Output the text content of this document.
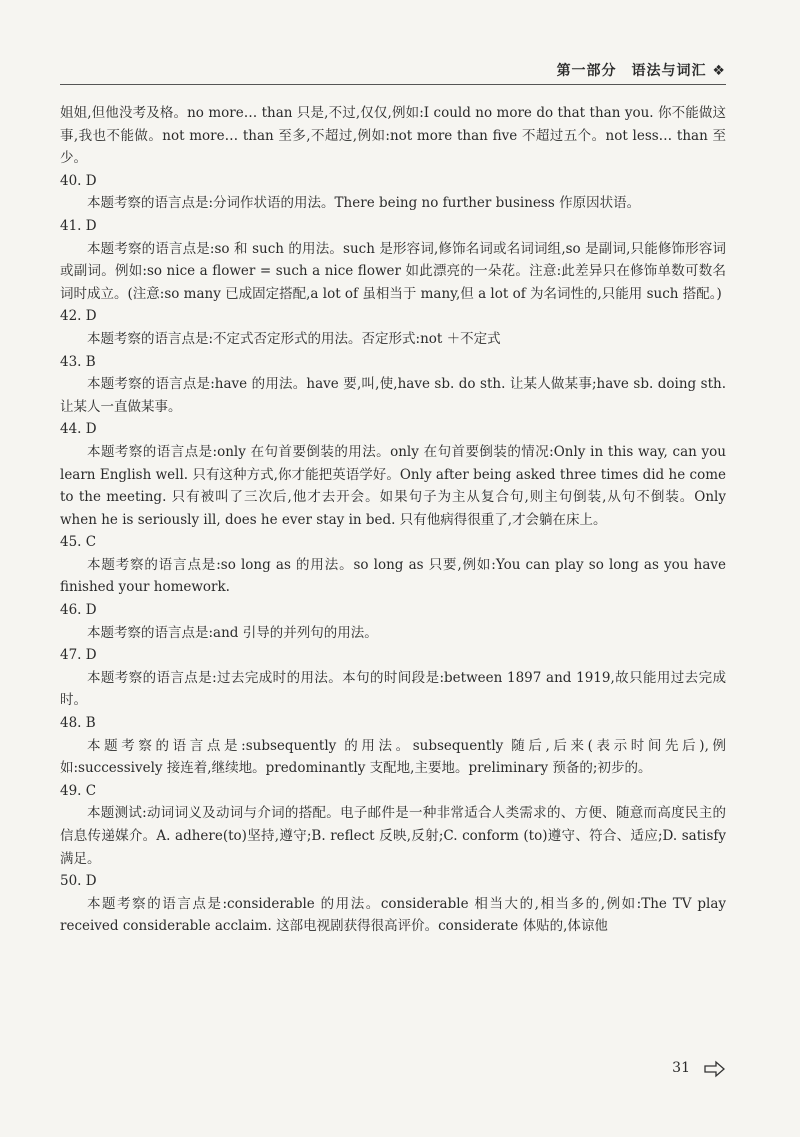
第一部分　语法与词汇 ❖

姐姐,但他没考及格。no more… than 只是,不过,仅仅,例如:I could no more do that than you. 你不能做这事,我也不能做。not more… than 至多,不超过,例如:not more than five 不超过五个。not less… than 至少。

40. D

本题考察的语言点是:分词作状语的用法。There being no further business 作原因状语。

41. D

本题考察的语言点是:so 和 such 的用法。such 是形容词,修饰名词或名词词组,so 是副词,只能修饰形容词或副词。例如:so nice a flower = such a nice flower 如此漂亮的一朵花。注意:此差异只在修饰单数可数名词时成立。(注意:so many 已成固定搭配,a lot of 虽相当于 many,但 a lot of 为名词性的,只能用 such 搭配。)

42. D

本题考察的语言点是:不定式否定形式的用法。否定形式:not ＋不定式

43. B

本题考察的语言点是:have 的用法。have 要,叫,使,have sb. do sth. 让某人做某事;have sb. doing sth. 让某人一直做某事。

44. D

本题考察的语言点是:only 在句首要倒装的用法。only 在句首要倒装的情况:Only in this way, can you learn English well. 只有这种方式,你才能把英语学好。Only after being asked three times did he come to the meeting. 只有被叫了三次后,他才去开会。如果句子为主从复合句,则主句倒装,从句不倒装。Only when he is seriously ill, does he ever stay in bed. 只有他病得很重了,才会躺在床上。

45. C

本题考察的语言点是:so long as 的用法。so long as 只要,例如:You can play so long as you have finished your homework.

46. D

本题考察的语言点是:and 引导的并列句的用法。

47. D

本题考察的语言点是:过去完成时的用法。本句的时间段是:between 1897 and 1919,故只能用过去完成时。

48. B

本题考察的语言点是:subsequently 的用法。subsequently 随后,后来(表示时间先后),例如:successively 接连着,继续地。predominantly 支配地,主要地。preliminary 预备的;初步的。

49. C

本题测试:动词词义及动词与介词的搭配。电子邮件是一种非常适合人类需求的、方便、随意而高度民主的信息传递媒介。A. adhere(to)坚持,遵守;B. reflect 反映,反射;C. conform (to)遵守、符合、适应;D. satisfy 满足。

50. D

本题考察的语言点是:considerable 的用法。considerable 相当大的,相当多的,例如:The TV play received considerable acclaim. 这部电视剧获得很高评价。considerate 体贴的,体谅他

31
